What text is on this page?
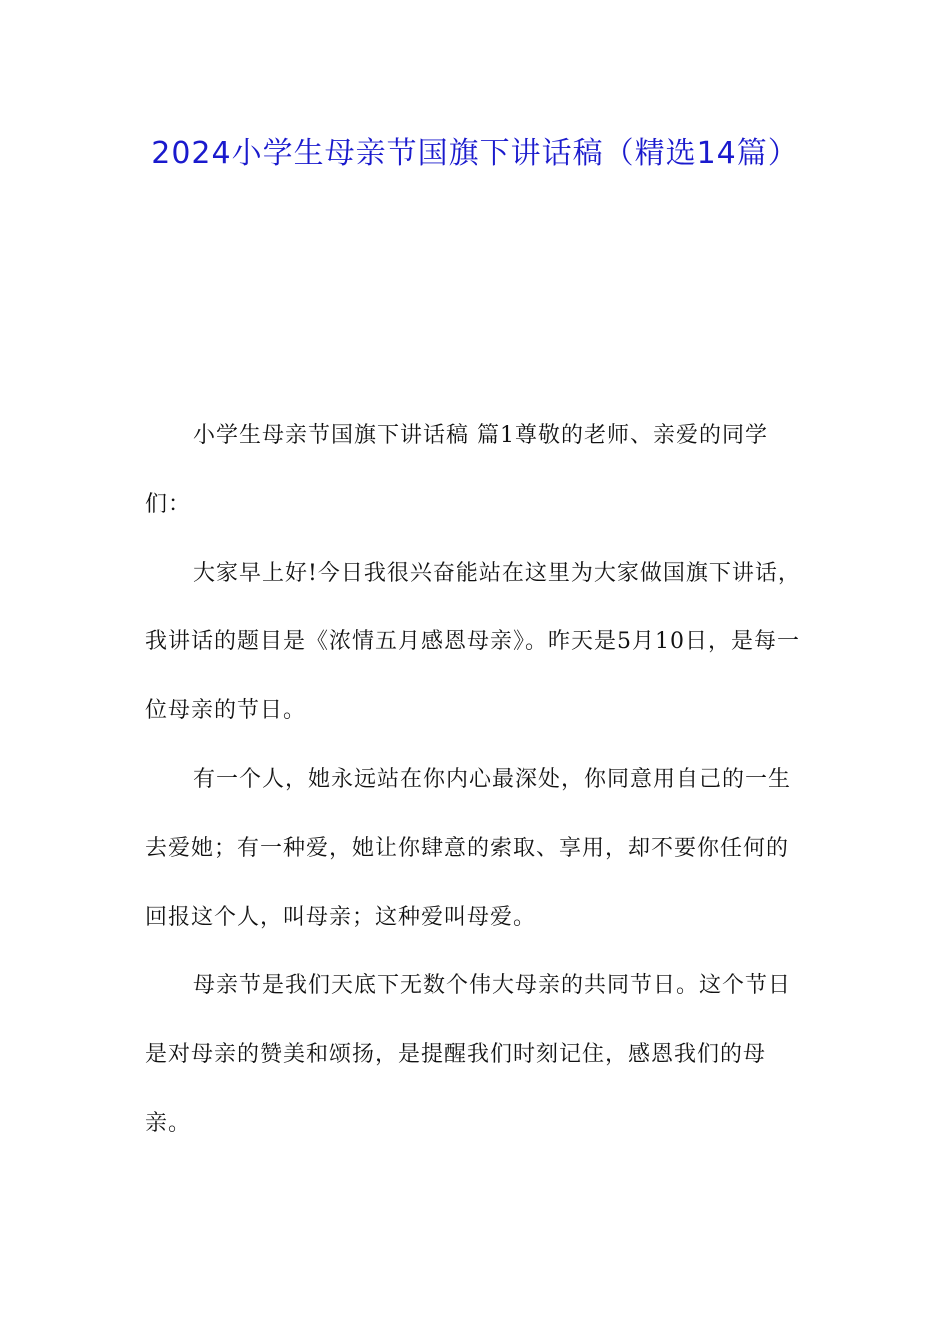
2024小学生母亲节国旗下讲话稿（精选14篇）

小学生母亲节国旗下讲话稿 篇1尊敬的老师、亲爱的同学们：

大家早上好!今日我很兴奋能站在这里为大家做国旗下讲话，我讲话的题目是《浓情五月感恩母亲》。昨天是5月10日，是每一位母亲的节日。

有一个人，她永远站在你内心最深处，你同意用自己的一生去爱她；有一种爱，她让你肆意的索取、享用，却不要你任何的回报这个人，叫母亲；这种爱叫母爱。

母亲节是我们天底下无数个伟大母亲的共同节日。这个节日是对母亲的赞美和颂扬，是提醒我们时刻记住，感恩我们的母亲。
